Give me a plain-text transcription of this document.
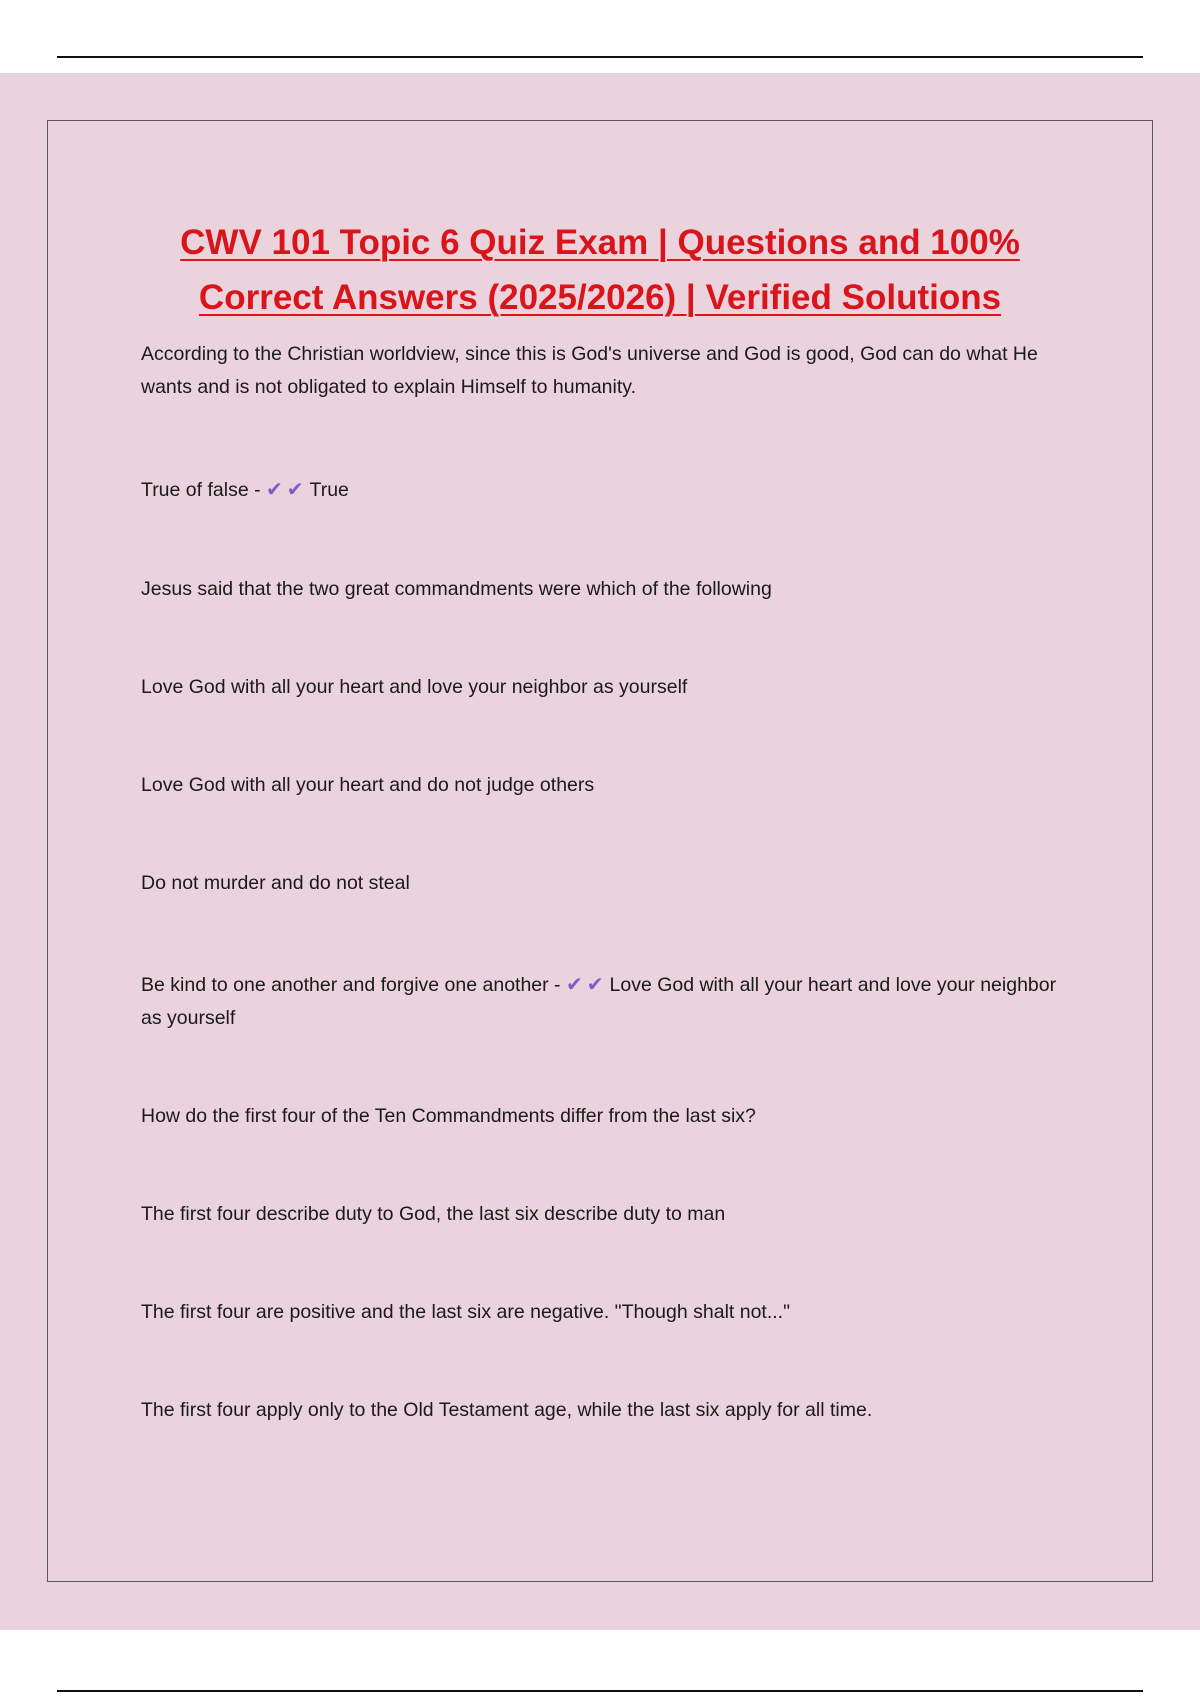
CWV 101 Topic 6 Quiz Exam | Questions and 100%
Correct Answers (2025/2026) | Verified Solutions
According to the Christian worldview, since this is God's universe and God is good, God can do what He wants and is not obligated to explain Himself to humanity.
True of false - ✔ ✔ True
Jesus said that the two great commandments were which of the following
Love God with all your heart and love your neighbor as yourself
Love God with all your heart and do not judge others
Do not murder and do not steal
Be kind to one another and forgive one another - ✔ ✔ Love God with all your heart and love your neighbor as yourself
How do the first four of the Ten Commandments differ from the last six?
The first four describe duty to God, the last six describe duty to man
The first four are positive and the last six are negative. "Though shalt not..."
The first four apply only to the Old Testament age, while the last six apply for all time.
